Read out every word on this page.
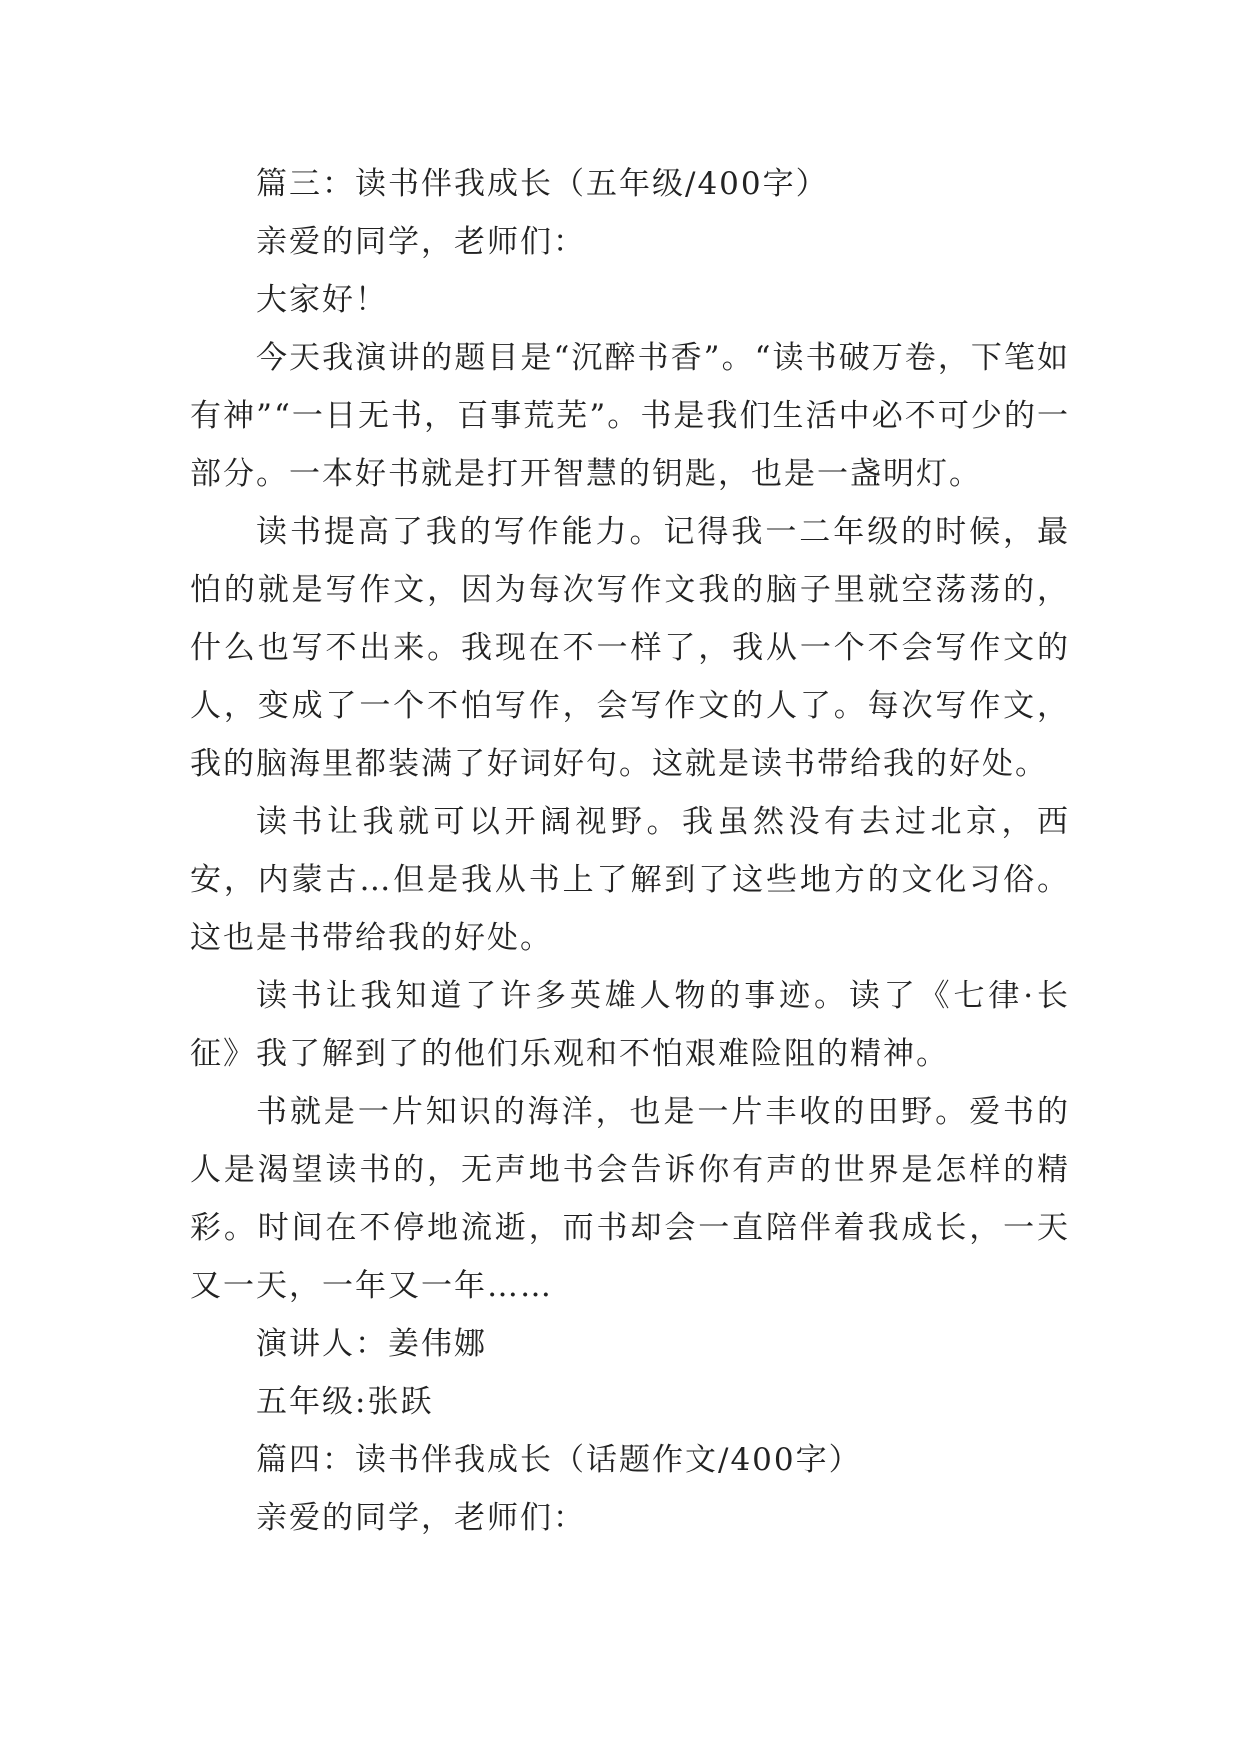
篇三：读书伴我成长（五年级/400字）

亲爱的同学，老师们：

大家好！

今天我演讲的题目是“沉醉书香”。“读书破万卷，下笔如有神”“一日无书，百事荒芜”。书是我们生活中必不可少的一部分。一本好书就是打开智慧的钥匙，也是一盏明灯。

读书提高了我的写作能力。记得我一二年级的时候，最怕的就是写作文，因为每次写作文我的脑子里就空荡荡的，什么也写不出来。我现在不一样了，我从一个不会写作文的人，变成了一个不怕写作，会写作文的人了。每次写作文，我的脑海里都装满了好词好句。这就是读书带给我的好处。

读书让我就可以开阔视野。我虽然没有去过北京，西安，内蒙古…但是我从书上了解到了这些地方的文化习俗。这也是书带给我的好处。

读书让我知道了许多英雄人物的事迹。读了《七律·长征》我了解到了的他们乐观和不怕艰难险阻的精神。

书就是一片知识的海洋，也是一片丰收的田野。爱书的人是渴望读书的，无声地书会告诉你有声的世界是怎样的精彩。时间在不停地流逝，而书却会一直陪伴着我成长，一天又一天，一年又一年……

演讲人：姜伟娜

五年级:张跃

篇四：读书伴我成长（话题作文/400字）

亲爱的同学，老师们：
